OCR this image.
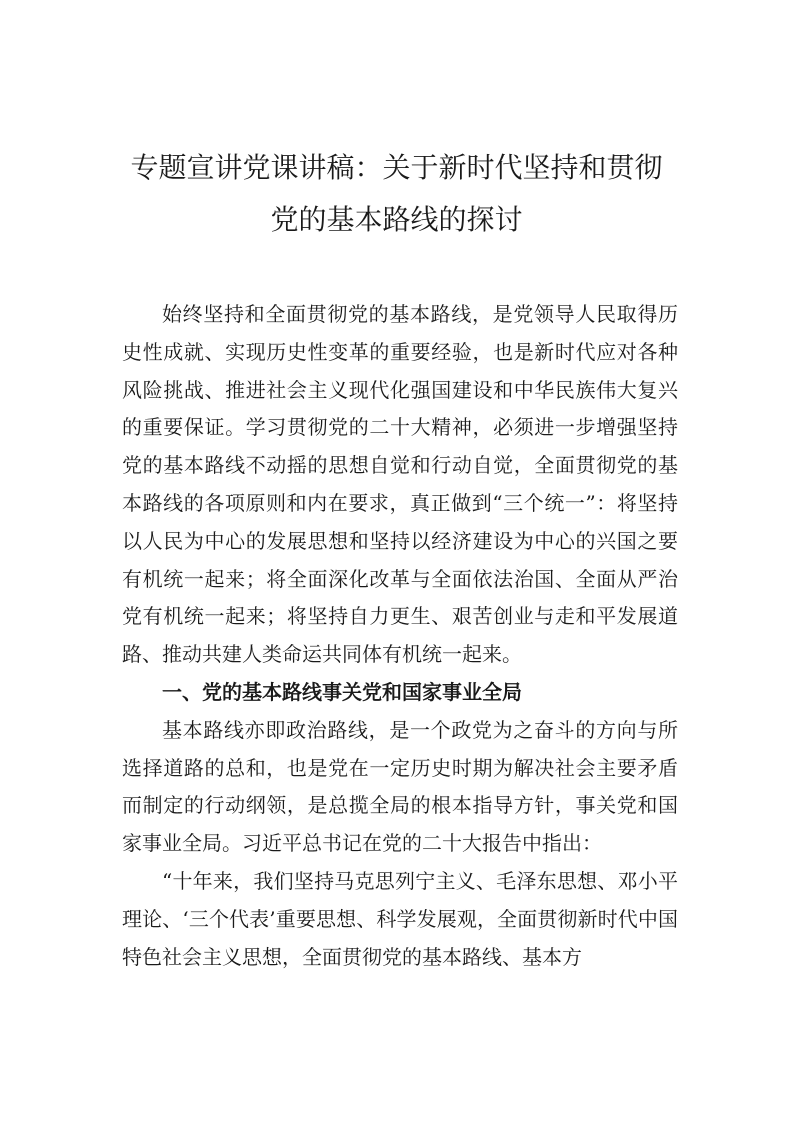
专题宣讲党课讲稿：关于新时代坚持和贯彻
党的基本路线的探讨

始终坚持和全面贯彻党的基本路线，是党领导人民取得历史性成就、实现历史性变革的重要经验，也是新时代应对各种风险挑战、推进社会主义现代化强国建设和中华民族伟大复兴的重要保证。学习贯彻党的二十大精神，必须进一步增强坚持党的基本路线不动摇的思想自觉和行动自觉，全面贯彻党的基本路线的各项原则和内在要求，真正做到“三个统一”：将坚持以人民为中心的发展思想和坚持以经济建设为中心的兴国之要有机统一起来；将全面深化改革与全面依法治国、全面从严治党有机统一起来；将坚持自力更生、艰苦创业与走和平发展道路、推动共建人类命运共同体有机统一起来。

一、党的基本路线事关党和国家事业全局

基本路线亦即政治路线，是一个政党为之奋斗的方向与所选择道路的总和，也是党在一定历史时期为解决社会主要矛盾而制定的行动纲领，是总揽全局的根本指导方针，事关党和国家事业全局。习近平总书记在党的二十大报告中指出：

“十年来，我们坚持马克思列宁主义、毛泽东思想、邓小平理论、‘三个代表’重要思想、科学发展观，全面贯彻新时代中国特色社会主义思想，全面贯彻党的基本路线、基本方
